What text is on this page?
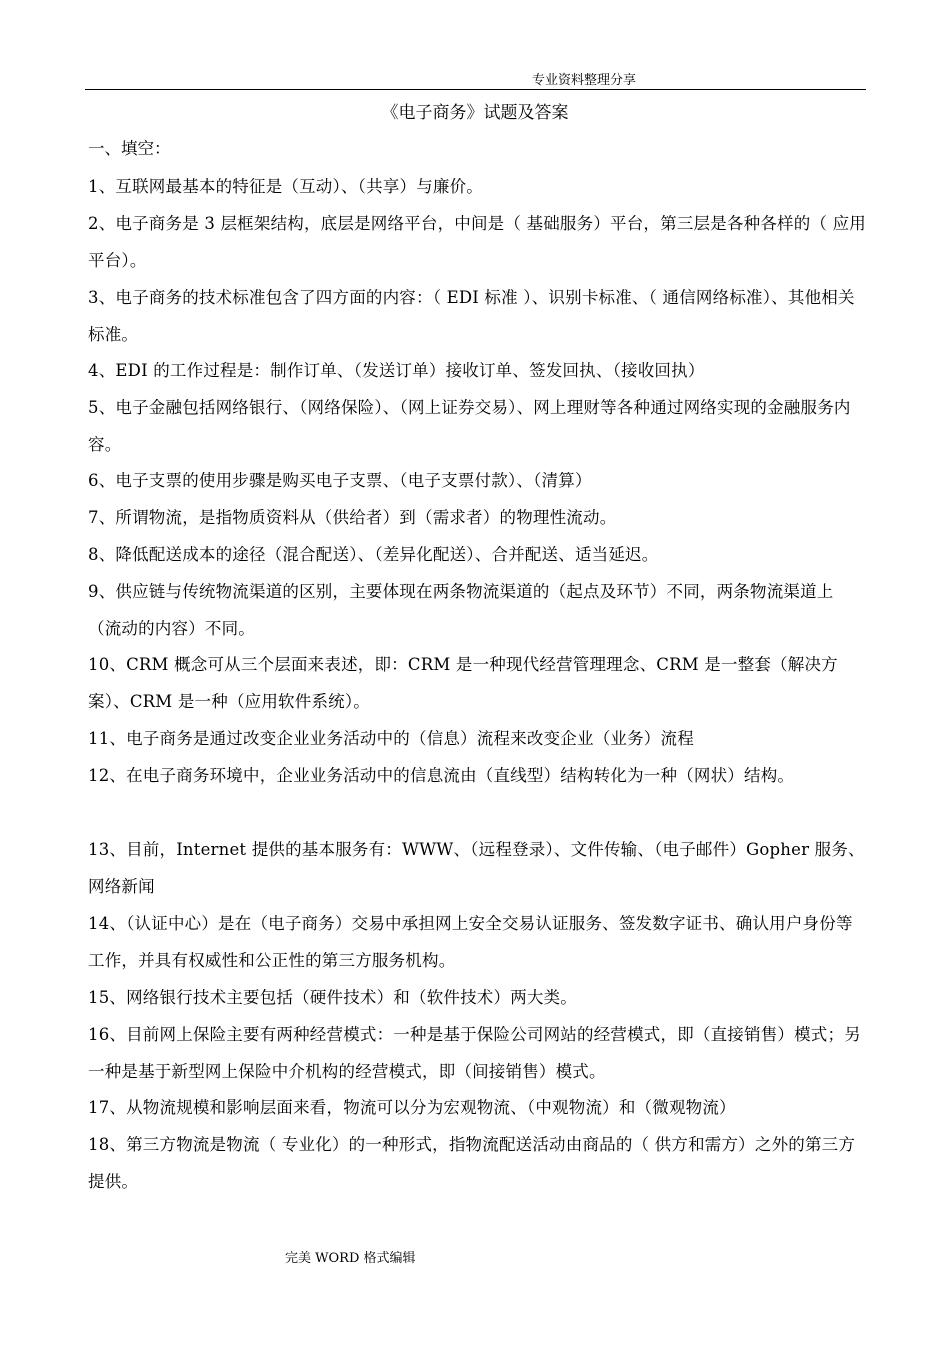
专业资料整理分享
《电子商务》试题及答案
一、填空：
1、互联网最基本的特征是（互动）、（共享）与廉价。
2、电子商务是 3 层框架结构，底层是网络平台，中间是（ 基础服务）平台，第三层是各种各样的（ 应用平台）。
3、电子商务的技术标准包含了四方面的内容：（ EDI 标准 ）、识别卡标准、（ 通信网络标准）、其他相关标准。
4、EDI 的工作过程是：制作订单、（发送订单）接收订单、签发回执、（接收回执）
5、电子金融包括网络银行、（网络保险）、（网上证券交易）、网上理财等各种通过网络实现的金融服务内容。
6、电子支票的使用步骤是购买电子支票、（电子支票付款）、（清算）
7、所谓物流，是指物质资料从（供给者）到（需求者）的物理性流动。
8、降低配送成本的途径（混合配送）、（差异化配送）、合并配送、适当延迟。
9、供应链与传统物流渠道的区别，主要体现在两条物流渠道的（起点及环节）不同，两条物流渠道上（流动的内容）不同。
10、CRM 概念可从三个层面来表述，即：CRM 是一种现代经营管理理念、CRM 是一整套（解决方案）、CRM 是一种（应用软件系统）。
11、电子商务是通过改变企业业务活动中的（信息）流程来改变企业（业务）流程
12、在电子商务环境中，企业业务活动中的信息流由（直线型）结构转化为一种（网状）结构。
13、目前，Internet 提供的基本服务有：WWW、（远程登录）、文件传输、（电子邮件）Gopher 服务、网络新闻
14、（认证中心）是在（电子商务）交易中承担网上安全交易认证服务、签发数字证书、确认用户身份等工作，并具有权威性和公正性的第三方服务机构。
15、网络银行技术主要包括（硬件技术）和（软件技术）两大类。
16、目前网上保险主要有两种经营模式：一种是基于保险公司网站的经营模式，即（直接销售）模式；另一种是基于新型网上保险中介机构的经营模式，即（间接销售）模式。
17、从物流规模和影响层面来看，物流可以分为宏观物流、（中观物流）和（微观物流）
18、第三方物流是物流（ 专业化）的一种形式，指物流配送活动由商品的（ 供方和需方）之外的第三方提供。
完美 WORD 格式编辑
